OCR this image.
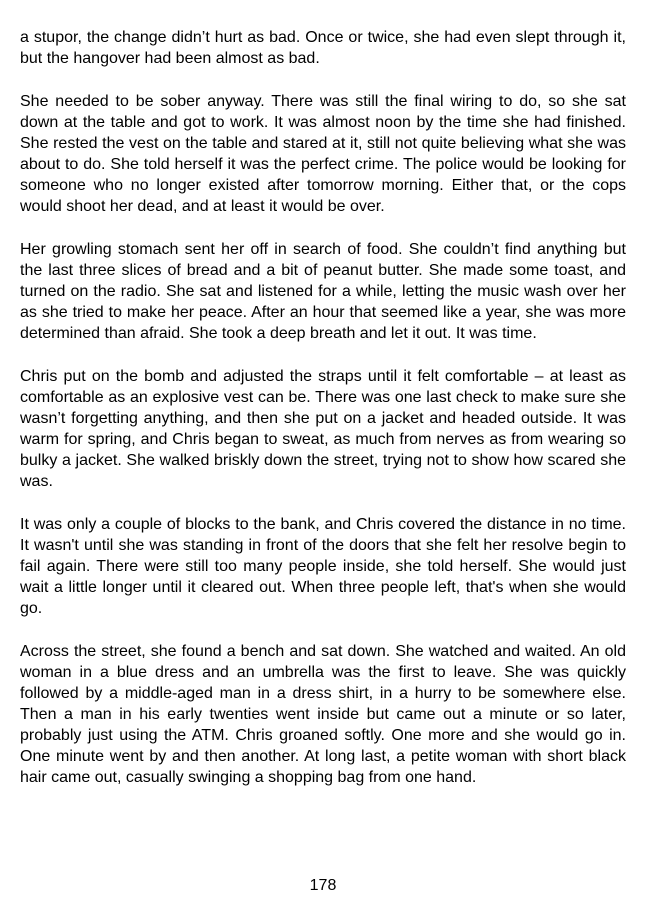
a stupor, the change didn’t hurt as bad. Once or twice, she had even slept through it, but the hangover had been almost as bad.

She needed to be sober anyway. There was still the final wiring to do, so she sat down at the table and got to work. It was almost noon by the time she had finished. She rested the vest on the table and stared at it, still not quite believing what she was about to do. She told herself it was the perfect crime. The police would be looking for someone who no longer existed after tomorrow morning. Either that, or the cops would shoot her dead, and at least it would be over.

Her growling stomach sent her off in search of food. She couldn’t find anything but the last three slices of bread and a bit of peanut butter. She made some toast, and turned on the radio. She sat and listened for a while, letting the music wash over her as she tried to make her peace. After an hour that seemed like a year, she was more determined than afraid. She took a deep breath and let it out. It was time.

Chris put on the bomb and adjusted the straps until it felt comfortable – at least as comfortable as an explosive vest can be. There was one last check to make sure she wasn’t forgetting anything, and then she put on a jacket and headed outside. It was warm for spring, and Chris began to sweat, as much from nerves as from wearing so bulky a jacket. She walked briskly down the street, trying not to show how scared she was.

It was only a couple of blocks to the bank, and Chris covered the distance in no time. It wasn't until she was standing in front of the doors that she felt her resolve begin to fail again. There were still too many people inside, she told herself. She would just wait a little longer until it cleared out. When three people left, that's when she would go.

Across the street, she found a bench and sat down. She watched and waited. An old woman in a blue dress and an umbrella was the first to leave. She was quickly followed by a middle-aged man in a dress shirt, in a hurry to be somewhere else. Then a man in his early twenties went inside but came out a minute or so later, probably just using the ATM. Chris groaned softly. One more and she would go in. One minute went by and then another. At long last, a petite woman with short black hair came out, casually swinging a shopping bag from one hand.

178
